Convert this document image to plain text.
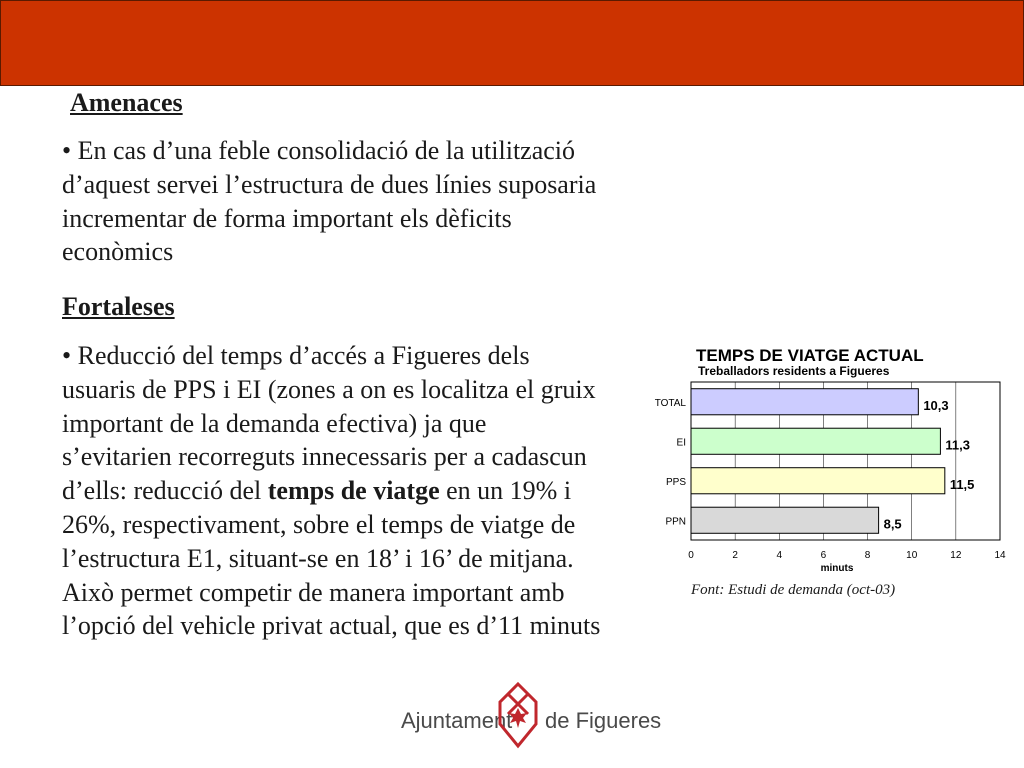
Amenaces
• En cas d’una feble consolidació de la utilització d’aquest servei l’estructura de dues línies suposaria incrementar de forma important els dèficits econòmics
Fortaleses
• Reducció del temps d’accés a Figueres dels usuaris de PPS i EI (zones a on es localitza el gruix important de la demanda efectiva) ja que s’evitarien recorreguts innecessaris per a cadascun d’ells: reducció del temps de viatge en un 19% i 26%, respectivament, sobre el temps de viatge de l’estructura E1, situant-se en 18’ i 16’ de mitjana. Això permet competir de manera important amb l’opció del vehicle privat actual, que es d’11 minuts
TEMPS DE VIATGE ACTUAL
Treballadors residents a Figueres
0	2	4	6	8	10	12	14
TOTAL	10,3
EI	11,3
PPS	11,5
PPN	8,5
minuts
Font: Estudi de demanda (oct-03)
Ajuntament de Figueres
